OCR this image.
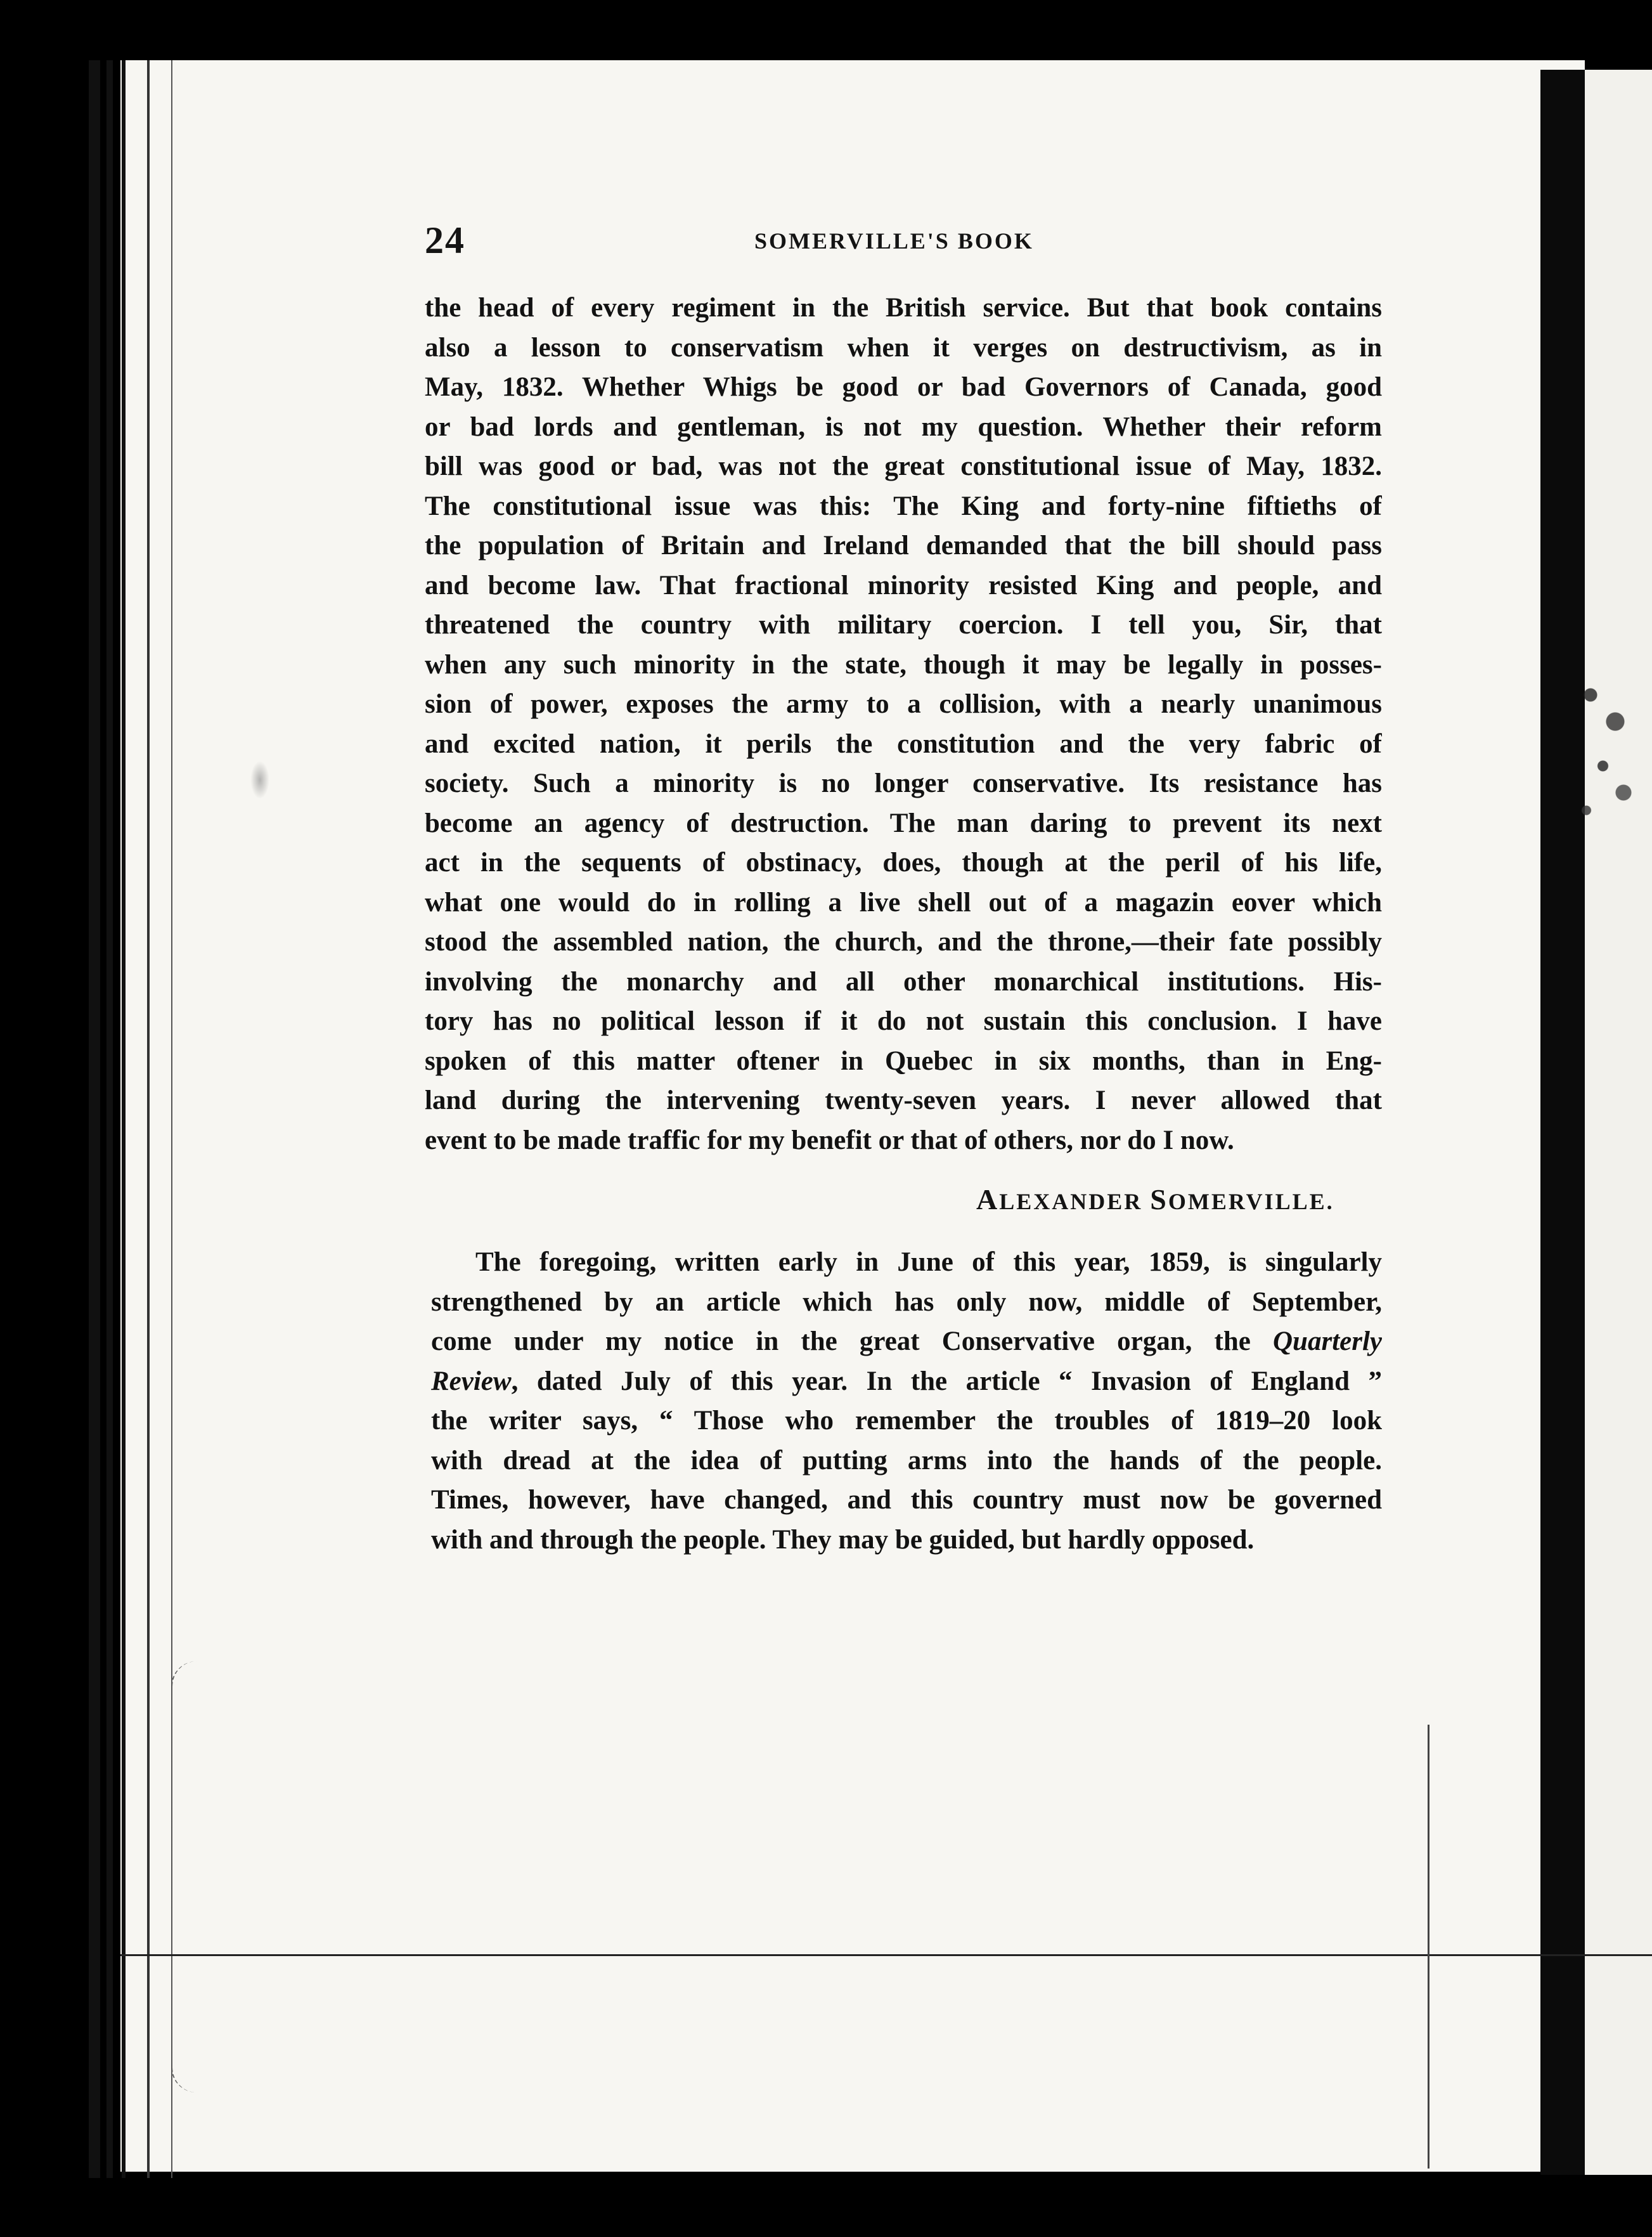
24	SOMERVILLE'S BOOK
the head of every regiment in the British service. But that book contains
also a lesson to conservatism when it verges on destructivism, as in
May, 1832. Whether Whigs be good or bad Governors of Canada, good
or bad lords and gentleman, is not my question. Whether their reform
bill was good or bad, was not the great constitutional issue of May, 1832.
The constitutional issue was this: The King and forty-nine fiftieths of
the population of Britain and Ireland demanded that the bill should pass
and become law. That fractional minority resisted King and people, and
threatened the country with military coercion. I tell you, Sir, that
when any such minority in the state, though it may be legally in posses-
sion of power, exposes the army to a collision, with a nearly unanimous
and excited nation, it perils the constitution and the very fabric of
society. Such a minority is no longer conservative. Its resistance has
become an agency of destruction. The man daring to prevent its next
act in the sequents of obstinacy, does, though at the peril of his life,
what one would do in rolling a live shell out of a magazin eover which
stood the assembled nation, the church, and the throne,—their fate possibly
involving the monarchy and all other monarchical institutions. His-
tory has no political lesson if it do not sustain this conclusion. I have
spoken of this matter oftener in Quebec in six months, than in Eng-
land during the intervening twenty-seven years. I never allowed that
event to be made traffic for my benefit or that of others, nor do I now.
ALEXANDER SOMERVILLE.
The foregoing, written early in June of this year, 1859, is singularly
strengthened by an article which has only now, middle of September,
come under my notice in the great Conservative organ, the Quarterly
Review, dated July of this year. In the article “ Invasion of England ”
the writer says, “ Those who remember the troubles of 1819–20 look
with dread at the idea of putting arms into the hands of the people.
Times, however, have changed, and this country must now be governed
with and through the people. They may be guided, but hardly opposed.
